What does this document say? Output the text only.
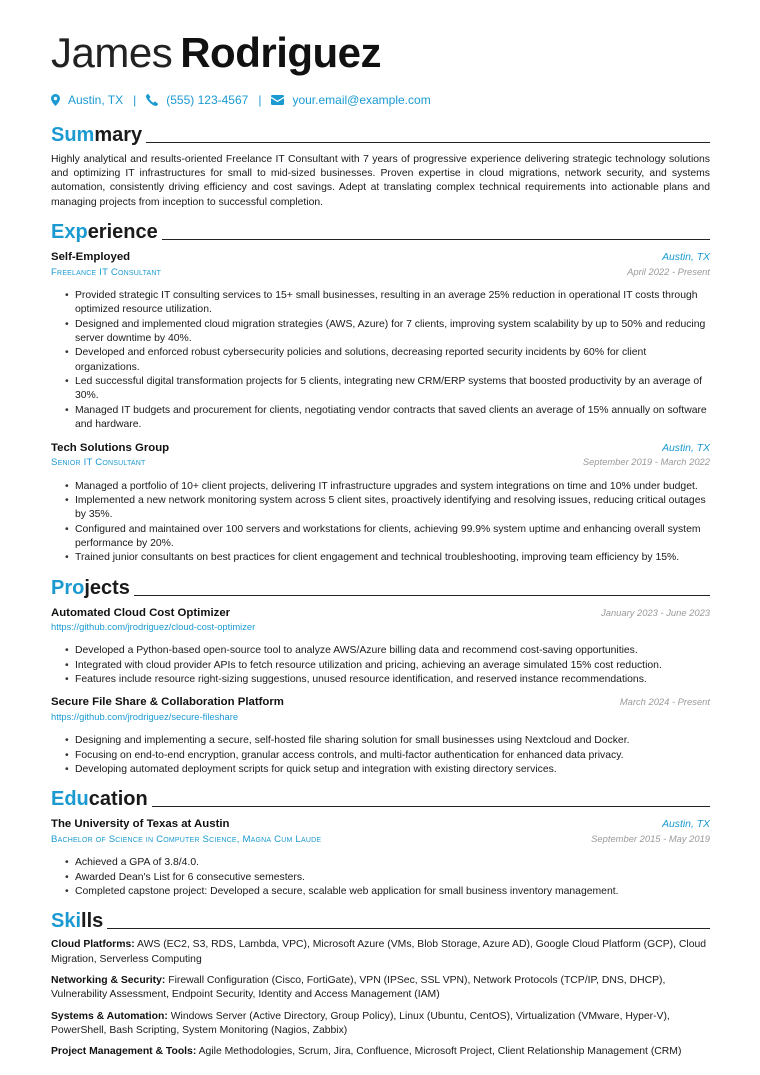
James Rodriguez
Austin, TX |	(555) 123-4567 |	your.email@example.com
Summary
Highly analytical and results-oriented Freelance IT Consultant with 7 years of progressive experience delivering strategic technology solutions and optimizing IT infrastructures for small to mid-sized businesses. Proven expertise in cloud migrations, network security, and systems automation, consistently driving efficiency and cost savings. Adept at translating complex technical requirements into actionable plans and managing projects from inception to successful completion.
Experience
Self-Employed	Austin, TX
Freelance IT Consultant	April 2022 - Present
• Provided strategic IT consulting services to 15+ small businesses, resulting in an average 25% reduction in operational IT costs through optimized resource utilization.
• Designed and implemented cloud migration strategies (AWS, Azure) for 7 clients, improving system scalability by up to 50% and reducing server downtime by 40%.
• Developed and enforced robust cybersecurity policies and solutions, decreasing reported security incidents by 60% for client organizations.
• Led successful digital transformation projects for 5 clients, integrating new CRM/ERP systems that boosted productivity by an average of 30%.
• Managed IT budgets and procurement for clients, negotiating vendor contracts that saved clients an average of 15% annually on software and hardware.
Tech Solutions Group	Austin, TX
Senior IT Consultant	September 2019 - March 2022
• Managed a portfolio of 10+ client projects, delivering IT infrastructure upgrades and system integrations on time and 10% under budget.
• Implemented a new network monitoring system across 5 client sites, proactively identifying and resolving issues, reducing critical outages by 35%.
• Configured and maintained over 100 servers and workstations for clients, achieving 99.9% system uptime and enhancing overall system performance by 20%.
• Trained junior consultants on best practices for client engagement and technical troubleshooting, improving team efficiency by 15%.
Projects
Automated Cloud Cost Optimizer	January 2023 - June 2023
https://github.com/jrodriguez/cloud-cost-optimizer
• Developed a Python-based open-source tool to analyze AWS/Azure billing data and recommend cost-saving opportunities.
• Integrated with cloud provider APIs to fetch resource utilization and pricing, achieving an average simulated 15% cost reduction.
• Features include resource right-sizing suggestions, unused resource identification, and reserved instance recommendations.
Secure File Share & Collaboration Platform	March 2024 - Present
https://github.com/jrodriguez/secure-fileshare
• Designing and implementing a secure, self-hosted file sharing solution for small businesses using Nextcloud and Docker.
• Focusing on end-to-end encryption, granular access controls, and multi-factor authentication for enhanced data privacy.
• Developing automated deployment scripts for quick setup and integration with existing directory services.
Education
The University of Texas at Austin	Austin, TX
Bachelor of Science in Computer Science, Magna Cum Laude	September 2015 - May 2019
• Achieved a GPA of 3.8/4.0.
• Awarded Dean's List for 6 consecutive semesters.
• Completed capstone project: Developed a secure, scalable web application for small business inventory management.
Skills
Cloud Platforms: AWS (EC2, S3, RDS, Lambda, VPC), Microsoft Azure (VMs, Blob Storage, Azure AD), Google Cloud Platform (GCP), Cloud Migration, Serverless Computing
Networking & Security: Firewall Configuration (Cisco, FortiGate), VPN (IPSec, SSL VPN), Network Protocols (TCP/IP, DNS, DHCP), Vulnerability Assessment, Endpoint Security, Identity and Access Management (IAM)
Systems & Automation: Windows Server (Active Directory, Group Policy), Linux (Ubuntu, CentOS), Virtualization (VMware, Hyper-V), PowerShell, Bash Scripting, System Monitoring (Nagios, Zabbix)
Project Management & Tools: Agile Methodologies, Scrum, Jira, Confluence, Microsoft Project, Client Relationship Management (CRM)
